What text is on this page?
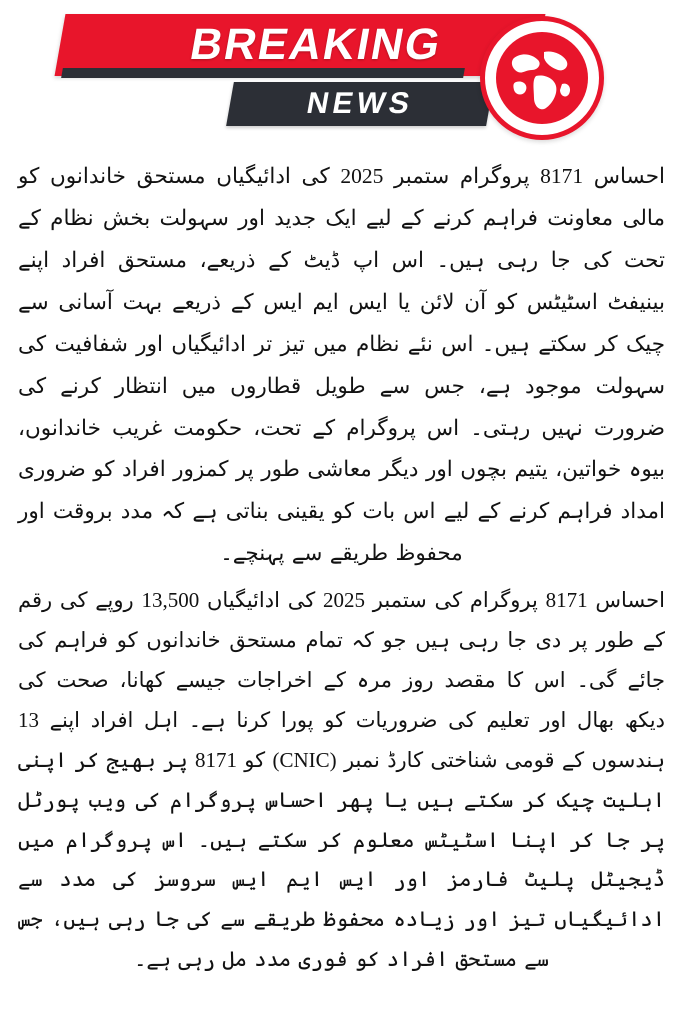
BREAKING
NEWS

احساس 8171 پروگرام ستمبر 2025 کی ادائیگیاں مستحق خاندانوں کو مالی معاونت فراہم کرنے کے لیے ایک جدید اور سہولت بخش نظام کے تحت کی جا رہی ہیں۔ اس اپ ڈیٹ کے ذریعے، مستحق افراد اپنے بینیفٹ اسٹیٹس کو آن لائن یا ایس ایم ایس کے ذریعے بہت آسانی سے چیک کر سکتے ہیں۔ اس نئے نظام میں تیز تر ادائیگیاں اور شفافیت کی سہولت موجود ہے، جس سے طویل قطاروں میں انتظار کرنے کی ضرورت نہیں رہتی۔ اس پروگرام کے تحت، حکومت غریب خاندانوں، بیوہ خواتین، یتیم بچوں اور دیگر معاشی طور پر کمزور افراد کو ضروری امداد فراہم کرنے کے لیے اس بات کو یقینی بناتی ہے کہ مدد بروقت اور محفوظ طریقے سے پہنچے۔

احساس 8171 پروگرام کی ستمبر 2025 کی ادائیگیاں 13,500 روپے کی رقم کے طور پر دی جا رہی ہیں جو کہ تمام مستحق خاندانوں کو فراہم کی جائے گی۔ اس کا مقصد روز مرہ کے اخراجات جیسے کھانا، صحت کی دیکھ بھال اور تعلیم کی ضروریات کو پورا کرنا ہے۔ اہل افراد اپنے 13 ہندسوں کے قومی شناختی کارڈ نمبر (CNIC) کو 8171 پر بھیج کر اپنی اہلیت چیک کر سکتے ہیں یا پھر احساس پروگرام کی ویب پورٹل پر جا کر اپنا اسٹیٹس معلوم کر سکتے ہیں۔ اس پروگرام میں ڈیجیٹل پلیٹ فارمز اور ایس ایم ایس سروسز کی مدد سے ادائیگیاں تیز اور زیادہ محفوظ طریقے سے کی جا رہی ہیں، جس سے مستحق افراد کو فوری مدد مل رہی ہے۔
